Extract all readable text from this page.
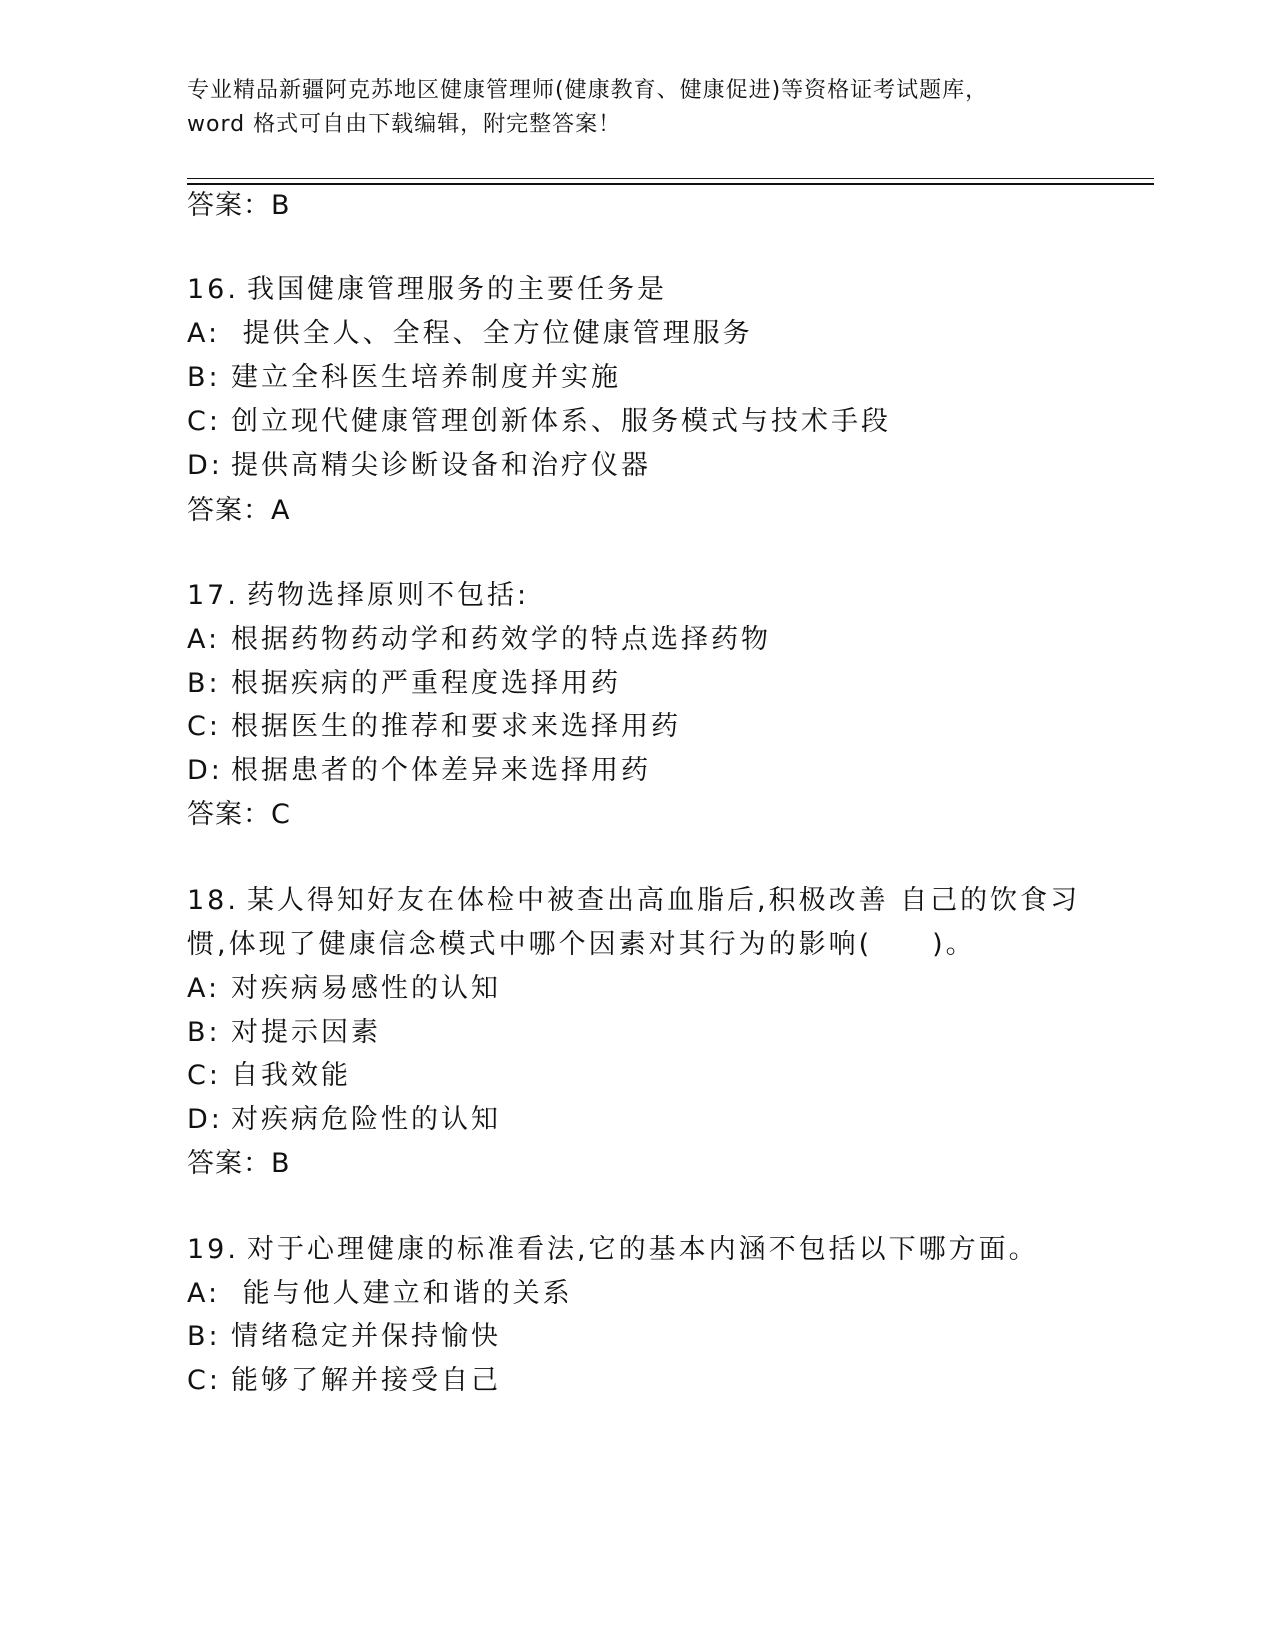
专业精品新疆阿克苏地区健康管理师(健康教育、健康促进)等资格证考试题库，
word 格式可自由下载编辑，附完整答案！
答案：B
16. 我国健康管理服务的主要任务是
A: 提供全人、全程、全方位健康管理服务
B: 建立全科医生培养制度并实施
C: 创立现代健康管理创新体系、服务模式与技术手段
D: 提供高精尖诊断设备和治疗仪器
答案：A
17. 药物选择原则不包括:
A: 根据药物药动学和药效学的特点选择药物
B: 根据疾病的严重程度选择用药
C: 根据医生的推荐和要求来选择用药
D: 根据患者的个体差异来选择用药
答案：C
18. 某人得知好友在体检中被查出高血脂后,积极改善 自己的饮食习
惯,体现了健康信念模式中哪个因素对其行为的影响(　　)。
A: 对疾病易感性的认知
B: 对提示因素
C: 自我效能
D: 对疾病危险性的认知
答案：B
19. 对于心理健康的标准看法,它的基本内涵不包括以下哪方面。
A: 能与他人建立和谐的关系
B: 情绪稳定并保持愉快
C: 能够了解并接受自己
